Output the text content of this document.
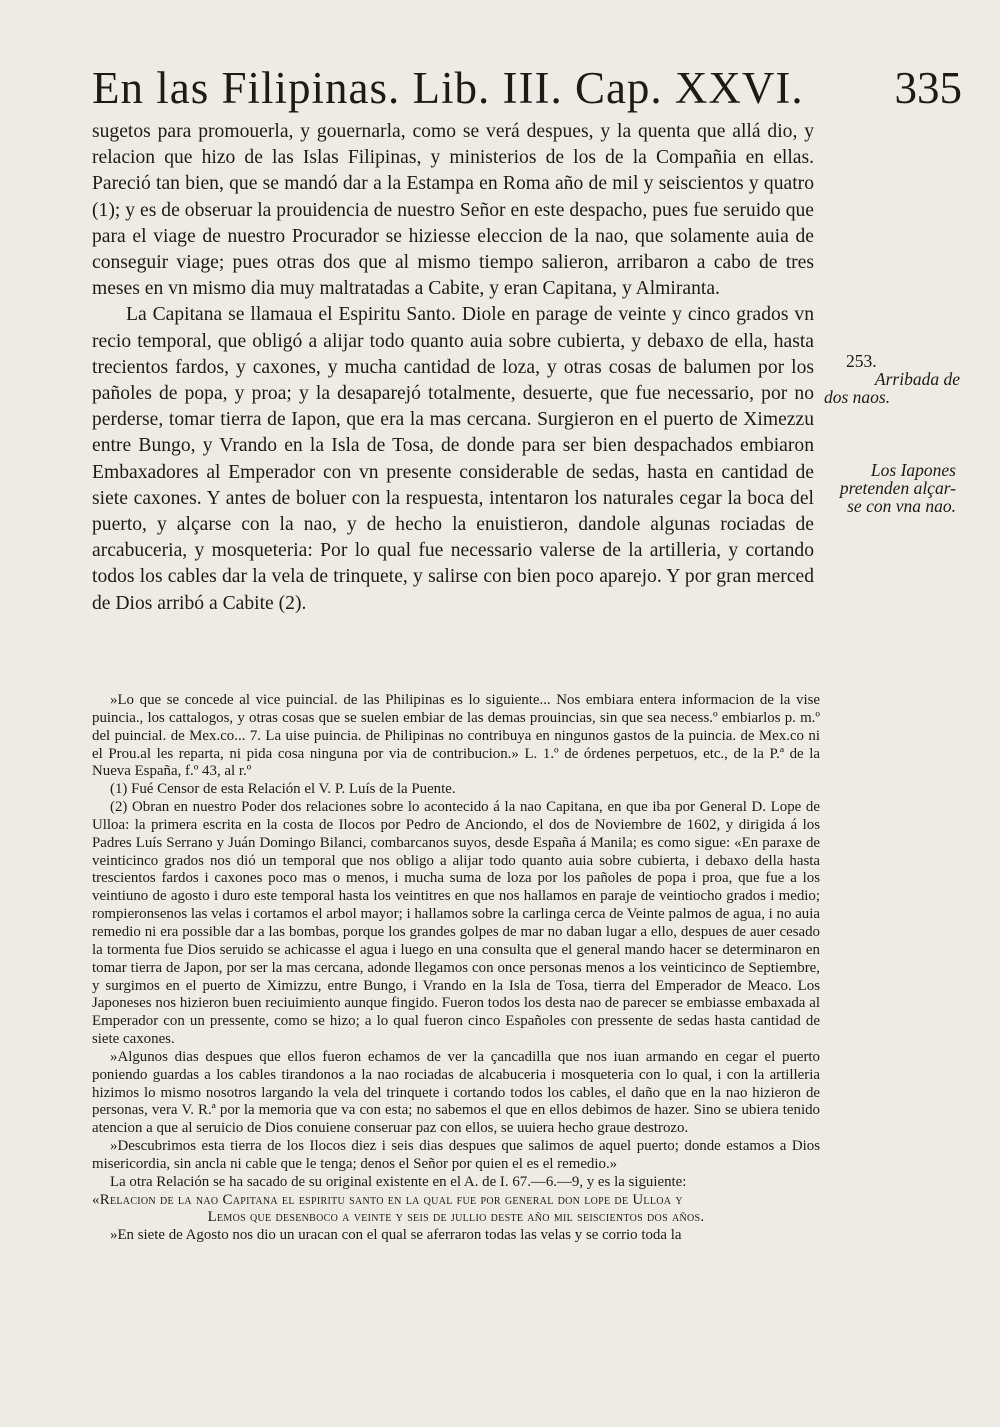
En las Filipinas. Lib. III. Cap. XXVI. 335

sugetos para promouerla, y gouernarla, como se verá despues, y la quenta que allá dio, y relacion que hizo de las Islas Filipinas, y ministerios de los de la Compañia en ellas. Pareció tan bien, que se mandó dar a la Estampa en Roma año de mil y seiscientos y quatro (1); y es de obseruar la prouidencia de nuestro Señor en este despacho, pues fue seruido que para el viage de nuestro Procurador se hiziesse eleccion de la nao, que solamente auia de conseguir viage; pues otras dos que al mismo tiempo salieron, arribaron a cabo de tres meses en vn mismo dia muy maltratadas a Cabite, y eran Capitana, y Almiranta.

La Capitana se llamaua el Espiritu Santo. Diole en parage de veinte y cinco grados vn recio temporal, que obligó a alijar todo quanto auia sobre cubierta, y debaxo de ella, hasta trecientos fardos, y caxones, y mucha cantidad de loza, y otras cosas de balumen por los pañoles de popa, y proa; y la desaparejó totalmente, desuerte, que fue necessario, por no perderse, tomar tierra de Iapon, que era la mas cercana. Surgieron en el puerto de Ximezzu entre Bungo, y Vrando en la Isla de Tosa, de donde para ser bien despachados embiaron Embaxadores al Emperador con vn presente considerable de sedas, hasta en cantidad de siete caxones. Y antes de boluer con la respuesta, intentaron los naturales cegar la boca del puerto, y alçarse con la nao, y de hecho la enuistieron, dandole algunas rociadas de arcabuceria, y mosqueteria: Por lo qual fue necessario valerse de la artilleria, y cortando todos los cables dar la vela de trinquete, y salirse con bien poco aparejo. Y por gran merced de Dios arribó a Cabite (2).

253.
Arribada de
dos naos.
Los Iapones
pretenden alçar-
se con vna nao.

»Lo que se concede al vice puincial. de las Philipinas es lo siguiente... Nos embiara entera informacion de la vise puincia., los cattalogos, y otras cosas que se suelen embiar de las demas prouincias, sin que sea necess.º embiarlos p. m.º del puincial. de Mex.co... 7. La uise puincia. de Philipinas no contribuya en ningunos gastos de la puincia. de Mex.co ni el Prou.al les reparta, ni pida cosa ninguna por via de contribucion.» L. 1.º de órdenes perpetuos, etc., de la P.ª de la Nueva España, f.º 43, al r.º

(1) Fué Censor de esta Relación el V. P. Luís de la Puente.

(2) Obran en nuestro Poder dos relaciones sobre lo acontecido á la nao Capitana, en que iba por General D. Lope de Ulloa: la primera escrita en la costa de Ilocos por Pedro de Anciondo, el dos de Noviembre de 1602, y dirigida á los Padres Luís Serrano y Juán Domingo Bilanci, combarcanos suyos, desde España á Manila; es como sigue: «En paraxe de veinticinco grados nos dió un temporal que nos obligo a alijar todo quanto auia sobre cubierta, i debaxo della hasta trescientos fardos i caxones poco mas o menos, i mucha suma de loza por los pañoles de popa i proa, que fue a los veintiuno de agosto i duro este temporal hasta los veintitres en que nos hallamos en paraje de veintiocho grados i medio; rompieronsenos las velas i cortamos el arbol mayor; i hallamos sobre la carlinga cerca de Veinte palmos de agua, i no auia remedio ni era possible dar a las bombas, porque los grandes golpes de mar no daban lugar a ello, despues de auer cesado la tormenta fue Dios seruido se achicasse el agua i luego en una consulta que el general mando hacer se determinaron en tomar tierra de Japon, por ser la mas cercana, adonde llegamos con once personas menos a los veinticinco de Septiembre, y surgimos en el puerto de Ximizzu, entre Bungo, i Vrando en la Isla de Tosa, tierra del Emperador de Meaco. Los Japoneses nos hizieron buen reciuimiento aunque fingido. Fueron todos los desta nao de parecer se embiasse embaxada al Emperador con un pressente, como se hizo; a lo qual fueron cinco Españoles con pressente de sedas hasta cantidad de siete caxones.

»Algunos dias despues que ellos fueron echamos de ver la çancadilla que nos iuan armando en cegar el puerto poniendo guardas a los cables tirandonos a la nao rociadas de alcabuceria i mosqueteria con lo qual, i con la artilleria hizimos lo mismo nosotros largando la vela del trinquete i cortando todos los cables, el daño que en la nao hizieron de personas, vera V. R.ª por la memoria que va con esta; no sabemos el que en ellos debimos de hazer. Sino se ubiera tenido atencion a que al seruicio de Dios conuiene conseruar paz con ellos, se uuiera hecho graue destrozo.

»Descubrimos esta tierra de los Ilocos diez i seis dias despues que salimos de aquel puerto; donde estamos a Dios misericordia, sin ancla ni cable que le tenga; denos el Señor por quien el es el remedio.»

La otra Relación se ha sacado de su original existente en el A. de I. 67.—6.—9, y es la siguiente:

«Relacion de la nao Capitana el espiritu santo en la qual fue por general don lope de Ulloa y

Lemos que desenboco a veinte y seis de jullio deste año mil seiscientos dos años.

»En siete de Agosto nos dio un uracan con el qual se aferraron todas las velas y se corrio toda la
